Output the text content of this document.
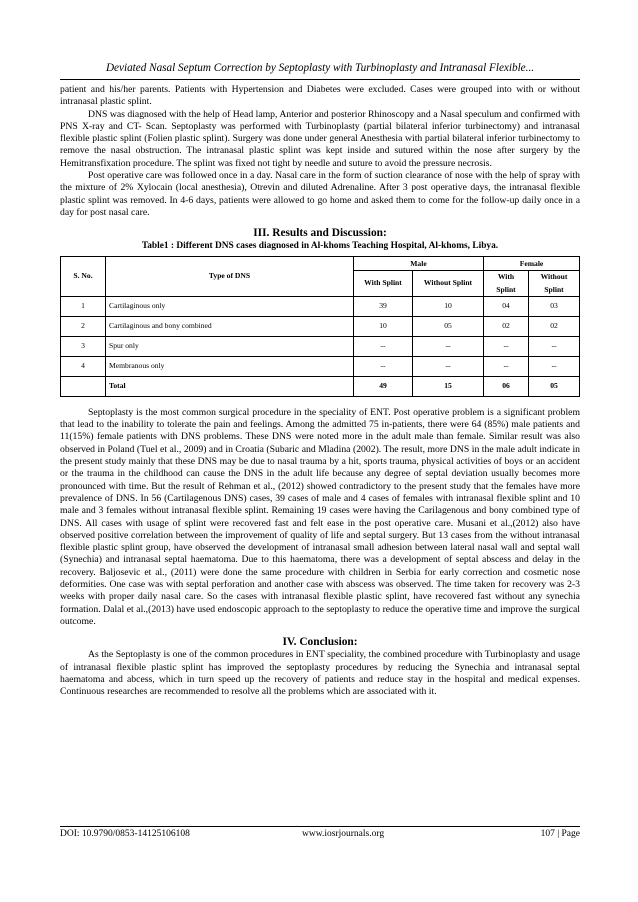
Deviated Nasal Septum Correction by Septoplasty with Turbinoplasty and Intranasal Flexible...

patient and his/her parents. Patients with Hypertension and Diabetes were excluded. Cases were grouped into with or without intranasal plastic splint.

DNS was diagnosed with the help of Head lamp, Anterior and posterior Rhinoscopy and a Nasal speculum and confirmed with PNS X-ray and CT- Scan. Septoplasty was performed with Turbinoplasty (partial bilateral inferior turbinectomy) and intranasal flexible plastic splint (Folien plastic splint). Surgery was done under general Anesthesia with partial bilateral inferior turbinectomy to remove the nasal obstruction. The intranasal plastic splint was kept inside and sutured within the nose after surgery by the Hemitransfixation procedure. The splint was fixed not tight by needle and suture to avoid the pressure necrosis.

Post operative care was followed once in a day. Nasal care in the form of suction clearance of nose with the help of spray with the mixture of 2% Xylocain (local anesthesia), Otrevin and diluted Adrenaline. After 3 post operative days, the intranasal flexible plastic splint was removed. In 4-6 days, patients were allowed to go home and asked them to come for the follow-up daily once in a day for post nasal care.

III. Results and Discussion:
Table1 : Different DNS cases diagnosed in Al-khoms Teaching Hospital, Al-khoms, Libya.
S. No.	Type of DNS	Male		Female	
		With Splint	Without Splint	With
Splint	Without
Splint
1	Cartilaginous only	39	10	04	03
2	Cartilaginous and bony combined	10	05	02	02
3	Spur only	--	--	--	--
4	Membranous only	--	--	--	--
	Total	49	15	06	05

Septoplasty is the most common surgical procedure in the speciality of ENT. Post operative problem is a significant problem that lead to the inability to tolerate the pain and feelings. Among the admitted 75 in-patients, there were 64 (85%) male patients and 11(15%) female patients with DNS problems. These DNS were noted more in the adult male than female. Similar result was also observed in Poland (Tuel et al., 2009) and in Croatia (Subaric and Mladina (2002). The result, more DNS in the male adult indicate in the present study mainly that these DNS may be due to nasal trauma by a hit, sports trauma, physical activities of boys or an accident or the trauma in the childhood can cause the DNS in the adult life because any degree of septal deviation usually becomes more pronounced with time. But the result of Rehman et al., (2012) showed contradictory to the present study that the females have more prevalence of DNS. In 56 (Cartilagenous DNS) cases, 39 cases of male and 4 cases of females with intranasal flexible splint and 10 male and 3 females without intranasal flexible splint. Remaining 19 cases were having the Carilagenous and bony combined type of DNS. All cases with usage of splint were recovered fast and felt ease in the post operative care. Musani et al.,(2012) also have observed positive correlation between the improvement of quality of life and septal surgery. But 13 cases from the without intranasal flexible plastic splint group, have observed the development of intranasal small adhesion between lateral nasal wall and septal wall (Synechia) and intranasal septal haematoma. Due to this haematoma, there was a development of septal abscess and delay in the recovery. Baljosevic et al., (2011) were done the same procedure with children in Serbia for early correction and cosmetic nose deformities. One case was with septal perforation and another case with abscess was observed. The time taken for recovery was 2-3 weeks with proper daily nasal care. So the cases with intranasal flexible plastic splint, have recovered fast without any synechia formation. Dalal et al.,(2013) have used endoscopic approach to the septoplasty to reduce the operative time and improve the surgical outcome.

IV. Conclusion:

As the Septoplasty is one of the common procedures in ENT speciality, the combined procedure with Turbinoplasty and usage of intranasal flexible plastic splint has improved the septoplasty procedures by reducing the Synechia and intranasal septal haematoma and abcess, which in turn speed up the recovery of patients and reduce stay in the hospital and medical expenses. Continuous researches are recommended to resolve all the problems which are associated with it.

DOI: 10.9790/0853-14125106108	www.iosrjournals.org	107 | Page
